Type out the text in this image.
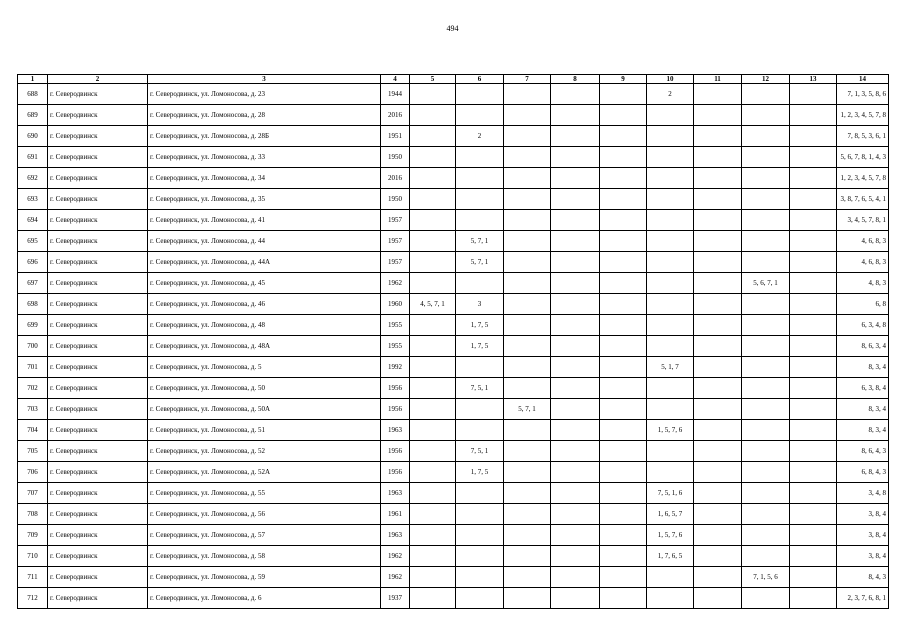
494
1	2	3	4	5	6	7	8	9	10	11	12	13	14
688	г. Северодвинск	г. Северодвинск, ул. Ломоносова, д. 23	1944						2				7, 1, 3, 5, 8, 6
689	г. Северодвинск	г. Северодвинск, ул. Ломоносова, д. 28	2016										1, 2, 3, 4, 5, 7, 8
690	г. Северодвинск	г. Северодвинск, ул. Ломоносова, д. 28Б	1951		2								7, 8, 5, 3, 6, 1
691	г. Северодвинск	г. Северодвинск, ул. Ломоносова, д. 33	1950										5, 6, 7, 8, 1, 4, 3
692	г. Северодвинск	г. Северодвинск, ул. Ломоносова, д. 34	2016										1, 2, 3, 4, 5, 7, 8
693	г. Северодвинск	г. Северодвинск, ул. Ломоносова, д. 35	1950										3, 8, 7, 6, 5, 4, 1
694	г. Северодвинск	г. Северодвинск, ул. Ломоносова, д. 41	1957										3, 4, 5, 7, 8, 1
695	г. Северодвинск	г. Северодвинск, ул. Ломоносова, д. 44	1957		5, 7, 1								4, 6, 8, 3
696	г. Северодвинск	г. Северодвинск, ул. Ломоносова, д. 44А	1957		5, 7, 1								4, 6, 8, 3
697	г. Северодвинск	г. Северодвинск, ул. Ломоносова, д. 45	1962								5, 6, 7, 1		4, 8, 3
698	г. Северодвинск	г. Северодвинск, ул. Ломоносова, д. 46	1960	4, 5, 7, 1	3								6, 8
699	г. Северодвинск	г. Северодвинск, ул. Ломоносова, д. 48	1955		1, 7, 5								6, 3, 4, 8
700	г. Северодвинск	г. Северодвинск, ул. Ломоносова, д. 48А	1955		1, 7, 5								8, 6, 3, 4
701	г. Северодвинск	г. Северодвинск, ул. Ломоносова, д. 5	1992						5, 1, 7				8, 3, 4
702	г. Северодвинск	г. Северодвинск, ул. Ломоносова, д. 50	1956		7, 5, 1								6, 3, 8, 4
703	г. Северодвинск	г. Северодвинск, ул. Ломоносова, д. 50А	1956			5, 7, 1							8, 3, 4
704	г. Северодвинск	г. Северодвинск, ул. Ломоносова, д. 51	1963						1, 5, 7, 6				8, 3, 4
705	г. Северодвинск	г. Северодвинск, ул. Ломоносова, д. 52	1956		7, 5, 1								8, 6, 4, 3
706	г. Северодвинск	г. Северодвинск, ул. Ломоносова, д. 52А	1956		1, 7, 5								6, 8, 4, 3
707	г. Северодвинск	г. Северодвинск, ул. Ломоносова, д. 55	1963						7, 5, 1, 6				3, 4, 8
708	г. Северодвинск	г. Северодвинск, ул. Ломоносова, д. 56	1961						1, 6, 5, 7				3, 8, 4
709	г. Северодвинск	г. Северодвинск, ул. Ломоносова, д. 57	1963						1, 5, 7, 6				3, 8, 4
710	г. Северодвинск	г. Северодвинск, ул. Ломоносова, д. 58	1962						1, 7, 6, 5				3, 8, 4
711	г. Северодвинск	г. Северодвинск, ул. Ломоносова, д. 59	1962								7, 1, 5, 6		8, 4, 3
712	г. Северодвинск	г. Северодвинск, ул. Ломоносова, д. 6	1937										2, 3, 7, 6, 8, 1
